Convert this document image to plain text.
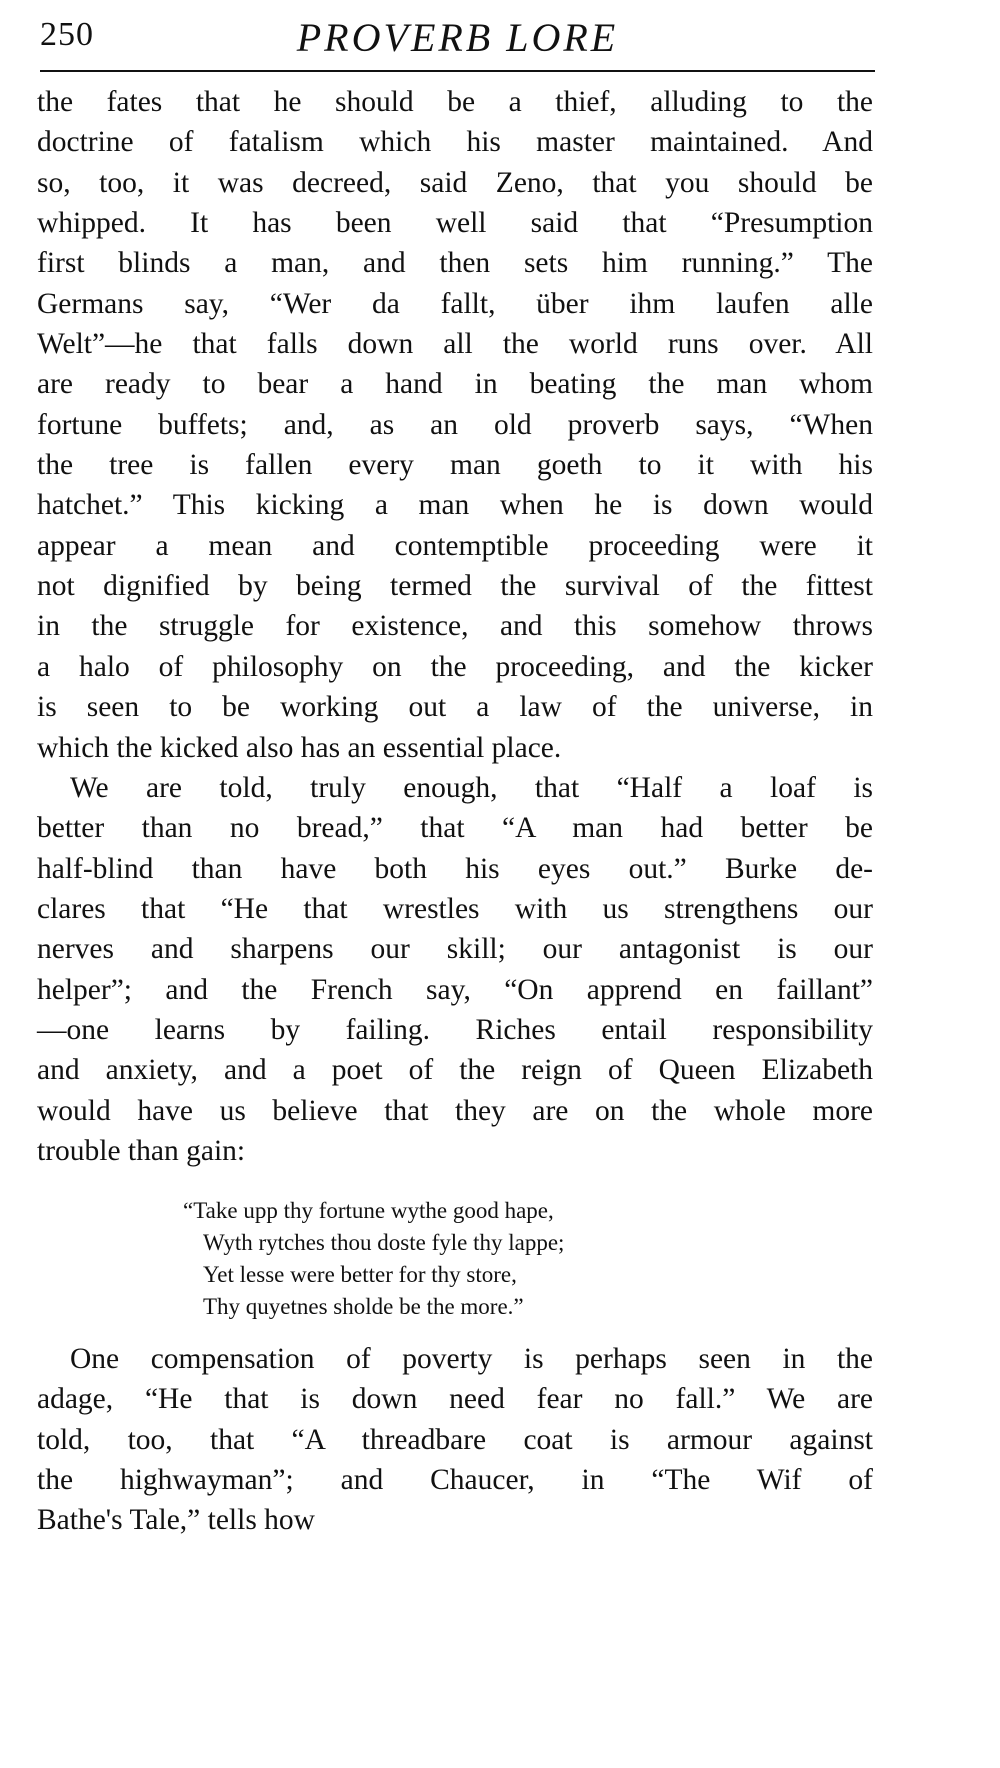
250	PROVERB LORE
the fates that he should be a thief, alluding to the
doctrine of fatalism which his master maintained. And
so, too, it was decreed, said Zeno, that you should be
whipped. It has been well said that “Presumption
first blinds a man, and then sets him running.” The
Germans say, “Wer da fallt, über ihm laufen alle
Welt”—he that falls down all the world runs over. All
are ready to bear a hand in beating the man whom
fortune buffets; and, as an old proverb says, “When
the tree is fallen every man goeth to it with his
hatchet.” This kicking a man when he is down would
appear a mean and contemptible proceeding were it
not dignified by being termed the survival of the fittest
in the struggle for existence, and this somehow throws
a halo of philosophy on the proceeding, and the kicker
is seen to be working out a law of the universe, in
which the kicked also has an essential place.
We are told, truly enough, that “Half a loaf is
better than no bread,” that “A man had better be
half-blind than have both his eyes out.” Burke de-
clares that “He that wrestles with us strengthens our
nerves and sharpens our skill; our antagonist is our
helper”; and the French say, “On apprend en faillant”
—one learns by failing. Riches entail responsibility
and anxiety, and a poet of the reign of Queen Elizabeth
would have us believe that they are on the whole more
trouble than gain:
“Take upp thy fortune wythe good hape,
Wyth rytches thou doste fyle thy lappe;
Yet lesse were better for thy store,
Thy quyetnes sholde be the more.”
One compensation of poverty is perhaps seen in the
adage, “He that is down need fear no fall.” We are
told, too, that “A threadbare coat is armour against
the highwayman”; and Chaucer, in “The Wif of
Bathe's Tale,” tells how
